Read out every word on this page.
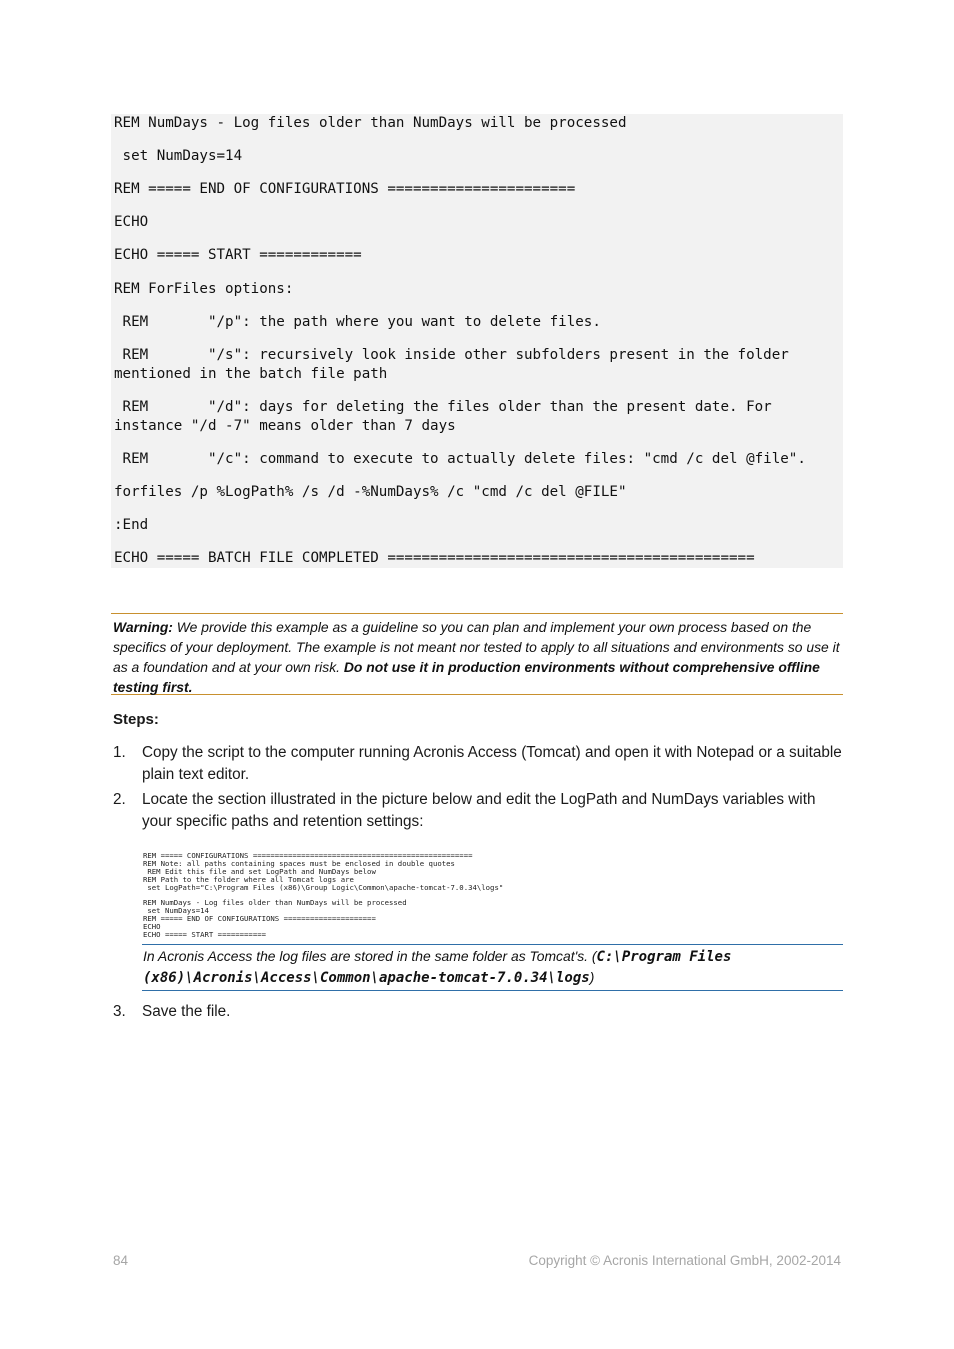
REM NumDays - Log files older than NumDays will be processed
set NumDays=14
REM ===== END OF CONFIGURATIONS ======================
ECHO
ECHO ===== START ============
REM ForFiles options:
REM       "/p": the path where you want to delete files.
REM       "/s": recursively look inside other subfolders present in the folder mentioned in the batch file path
REM       "/d": days for deleting the files older than the present date. For instance "/d -7" means older than 7 days
REM       "/c": command to execute to actually delete files: "cmd /c del @file".
forfiles /p %LogPath% /s /d -%NumDays% /c "cmd /c del @FILE"
:End
ECHO ===== BATCH FILE COMPLETED ===========================================
Warning: We provide this example as a guideline so you can plan and implement your own process based on the specifics of your deployment. The example is not meant nor tested to apply to all situations and environments so use it as a foundation and at your own risk. Do not use it in production environments without comprehensive offline testing first.
Steps:
1. Copy the script to the computer running Acronis Access (Tomcat) and open it with Notepad or a suitable plain text editor.
2. Locate the section illustrated in the picture below and edit the LogPath and NumDays variables with your specific paths and retention settings:
REM ===== CONFIGURATIONS ==================================================
REM Note: all paths containing spaces must be enclosed in double quotes
REM Edit this file and set LogPath and NumDays below
REM Path to the folder where all Tomcat logs are
set LogPath="C:\Program Files (x86)\Group Logic\Common\apache-tomcat-7.0.34\logs"
REM NumDays - Log files older than NumDays will be processed
set NumDays=14
REM ===== END OF CONFIGURATIONS =====================
ECHO
ECHO ===== START ===========
In Acronis Access the log files are stored in the same folder as Tomcat's. (C:\Program Files (x86)\Acronis\Access\Common\apache-tomcat-7.0.34\logs)
3. Save the file.
84	Copyright © Acronis International GmbH, 2002-2014
